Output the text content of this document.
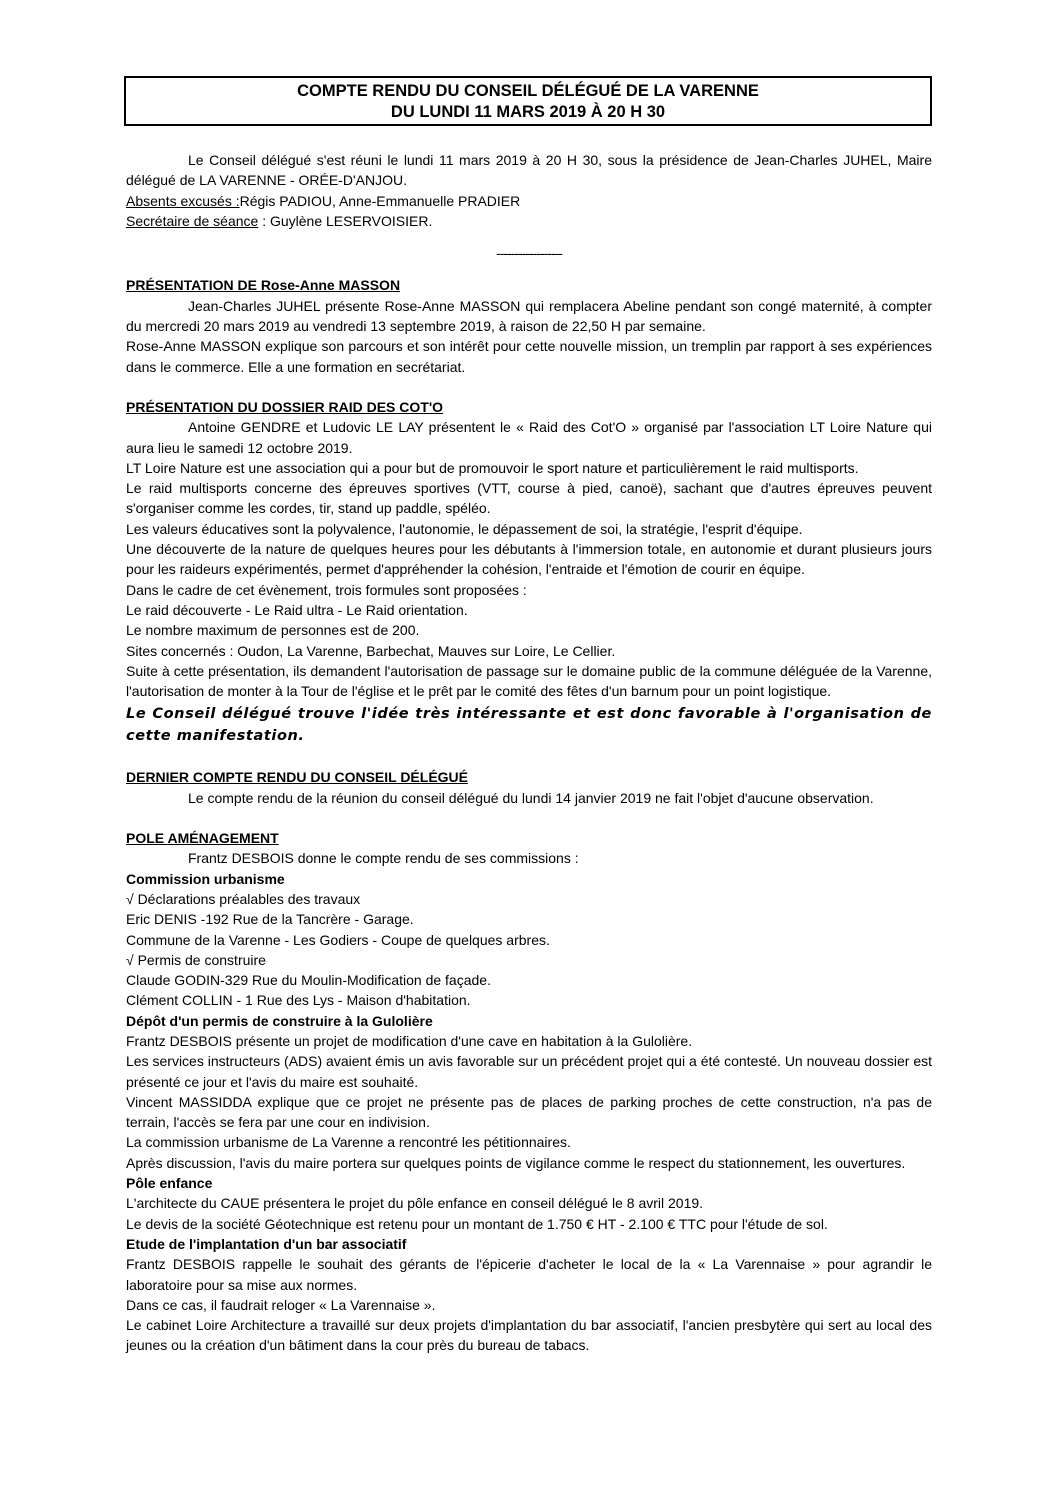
COMPTE RENDU DU CONSEIL DÉLÉGUÉ DE LA VARENNE
DU LUNDI 11 MARS 2019 À 20 H 30

Le Conseil délégué s'est réuni le lundi 11 mars 2019 à 20 H 30, sous la présidence de Jean-Charles JUHEL, Maire délégué de LA VARENNE - ORÉE-D'ANJOU.

Absents excusés :Régis PADIOU, Anne-Emmanuelle PRADIER

Secrétaire de séance : Guylène LESERVOISIER.

------------------

PRÉSENTATION DE Rose-Anne MASSON

Jean-Charles JUHEL présente Rose-Anne MASSON qui remplacera Abeline pendant son congé maternité, à compter du mercredi 20 mars 2019 au vendredi 13 septembre 2019, à raison de 22,50 H par semaine.

Rose-Anne MASSON explique son parcours et son intérêt pour cette nouvelle mission, un tremplin par rapport à ses expériences dans le commerce. Elle a une formation en secrétariat.

PRÉSENTATION DU DOSSIER RAID DES COT'O

Antoine GENDRE et Ludovic LE LAY présentent le « Raid des Cot'O » organisé par l'association LT Loire Nature qui aura lieu le samedi 12 octobre 2019.

LT Loire Nature est une association qui a pour but de promouvoir le sport nature et particulièrement le raid multisports.

Le raid multisports concerne des épreuves sportives (VTT, course à pied, canoë), sachant que d'autres épreuves peuvent s'organiser comme les cordes, tir, stand up paddle, spéléo.

Les valeurs éducatives sont la polyvalence, l'autonomie, le dépassement de soi, la stratégie, l'esprit d'équipe.

Une découverte de la nature de quelques heures pour les débutants à l'immersion totale, en autonomie et durant plusieurs jours pour les raideurs expérimentés, permet d'appréhender la cohésion, l'entraide et l'émotion de courir en équipe.

Dans le cadre de cet évènement, trois formules sont proposées :

Le raid découverte - Le Raid ultra - Le Raid orientation.

Le nombre maximum de personnes est de 200.

Sites concernés : Oudon, La Varenne, Barbechat, Mauves sur Loire, Le Cellier.

Suite à cette présentation, ils demandent l'autorisation de passage sur le domaine public de la commune déléguée de la Varenne, l'autorisation de monter à la Tour de l'église et le prêt par le comité des fêtes d'un barnum pour un point logistique.

Le Conseil délégué trouve l'idée très intéressante et est donc favorable à l'organisation de cette manifestation.

DERNIER COMPTE RENDU DU CONSEIL DÉLÉGUÉ

Le compte rendu de la réunion du conseil délégué du lundi 14 janvier 2019 ne fait l'objet d'aucune observation.

POLE AMÉNAGEMENT

Frantz DESBOIS donne le compte rendu de ses commissions :

Commission urbanisme

√ Déclarations préalables des travaux

Eric DENIS -192 Rue de la Tancrère - Garage.

Commune de la Varenne - Les Godiers - Coupe de quelques arbres.

√ Permis de construire

Claude GODIN-329 Rue du Moulin-Modification de façade.

Clément COLLIN - 1 Rue des Lys - Maison d'habitation.

Dépôt d'un permis de construire à la Gulolière

Frantz DESBOIS présente un projet de modification d'une cave en habitation à la Gulolière.

Les services instructeurs (ADS) avaient émis un avis favorable sur un précédent projet qui a été contesté. Un nouveau dossier est présenté ce jour et l'avis du maire est souhaité.

Vincent MASSIDDA explique que ce projet ne présente pas de places de parking proches de cette construction, n'a pas de terrain, l'accès se fera par une cour en indivision.

La commission urbanisme de La Varenne a rencontré les pétitionnaires.

Après discussion, l'avis du maire portera sur quelques points de vigilance comme le respect du stationnement, les ouvertures.

Pôle enfance

L'architecte du CAUE présentera le projet du pôle enfance en conseil délégué le 8 avril 2019.

Le devis de la société Géotechnique est retenu pour un montant de 1.750 € HT - 2.100 € TTC pour l'étude de sol.

Etude de l'implantation d'un bar associatif

Frantz DESBOIS rappelle le souhait des gérants de l'épicerie d'acheter le local de la « La Varennaise » pour agrandir le laboratoire pour sa mise aux normes.

Dans ce cas, il faudrait reloger « La Varennaise ».

Le cabinet Loire Architecture a travaillé sur deux projets d'implantation du bar associatif, l'ancien presbytère qui sert au local des jeunes ou la création d'un bâtiment dans la cour près du bureau de tabacs.
